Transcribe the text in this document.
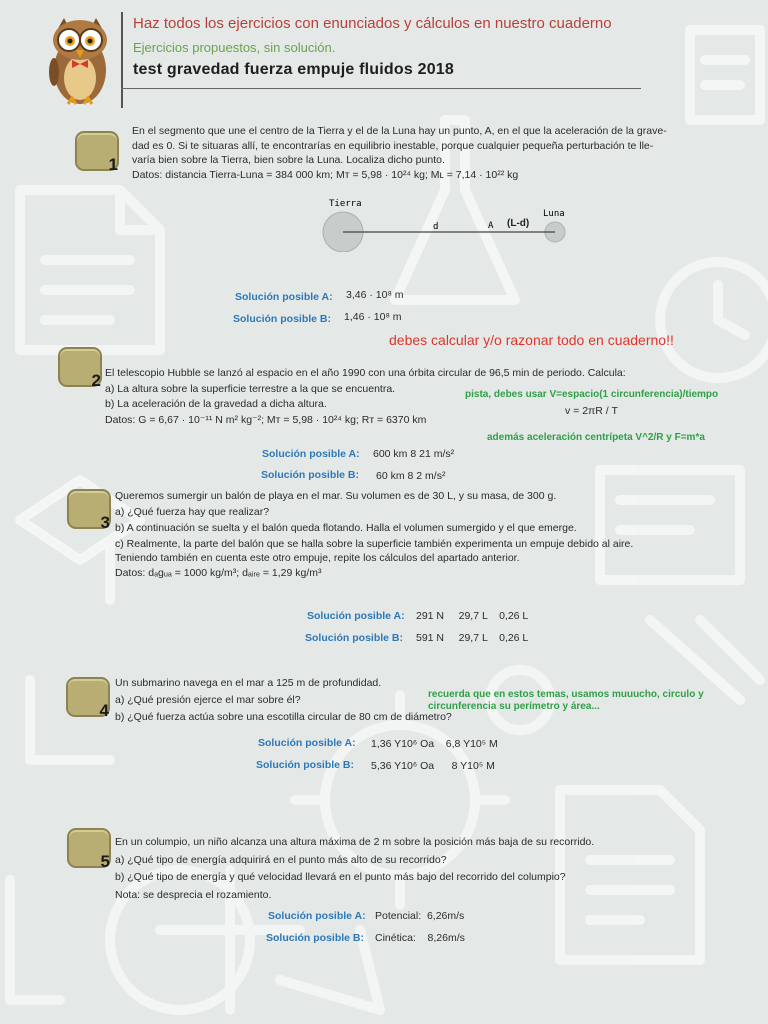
Haz todos los ejercicios con enunciados y cálculos en nuestro cuaderno
Ejercicios propuestos, sin solución.
test gravedad fuerza empuje fluidos 2018
1
En el segmento que une el centro de la Tierra y el de la Luna hay un punto, A, en el que la aceleración de la grave-
dad es 0. Si te situaras allí, te encontrarías en equilibrio inestable, porque cualquier pequeña perturbación te lle-
varía bien sobre la Tierra, bien sobre la Luna. Localiza dicho punto.
Datos: distancia Tierra-Luna = 384 000 km; Mт = 5,98 · 10²⁴ kg; Mʟ = 7,14 · 10²² kg
Tierra
Luna
d	A (L-d)
Solución posible A: 3,46 · 10⁸ m
Solución posible B: 1,46 · 10⁸ m
debes calcular y/o razonar todo en cuaderno!!
2 El telescopio Hubble se lanzó al espacio en el año 1990 con una órbita circular de 96,5 min de periodo. Calcula:
a) La altura sobre la superficie terrestre a la que se encuentra.
b) La aceleración de la gravedad a dicha altura.
Datos: G = 6,67 · 10⁻¹¹ N m² kg⁻²; Mт = 5,98 · 10²⁴ kg; Rт = 6370 km
pista, debes usar V=espacio(1 circunferencia)/tiempo
v = 2πR / T
además aceleración centrípeta V^2/R y F=m*a
Solución posible A: 600 km 8 21 m/s²
Solución posible B: 60 km 8 2 m/s²
3
Queremos sumergir un balón de playa en el mar. Su volumen es de 30 L, y su masa, de 300 g.
a) ¿Qué fuerza hay que realizar?
b) A continuación se suelta y el balón queda flotando. Halla el volumen sumergido y el que emerge.
c) Realmente, la parte del balón que se halla sobre la superficie también experimenta un empuje debido al aire.
Teniendo también en cuenta este otro empuje, repite los cálculos del apartado anterior.
Datos: dₐgᵤₐ = 1000 kg/m³; dₐᵢᵣₑ = 1,29 kg/m³
Solución posible A: 291 N     29,7 L    0,26 L
Solución posible B: 591 N     29,7 L    0,26 L
4
Un submarino navega en el mar a 125 m de profundidad.
a) ¿Qué presión ejerce el mar sobre él?
b) ¿Qué fuerza actúa sobre una escotilla circular de 80 cm de diámetro?
recuerda que en estos temas, usamos muuucho, circulo y circunferencia su perímetro y área...
Solución posible A: 1,36 Y10⁶ Oa    6,8 Y10⁵ M
Solución posible B: 5,36 Y10⁶ Oa      8 Y10⁵ M
5
En un columpio, un niño alcanza una altura máxima de 2 m sobre la posición más baja de su recorrido.
a) ¿Qué tipo de energía adquirirá en el punto más alto de su recorrido?
b) ¿Qué tipo de energía y qué velocidad llevará en el punto más bajo del recorrido del columpio?
Nota: se desprecia el rozamiento.
Solución posible A: Potencial:  6,26m/s
Solución posible B: Cinética:    8,26m/s
